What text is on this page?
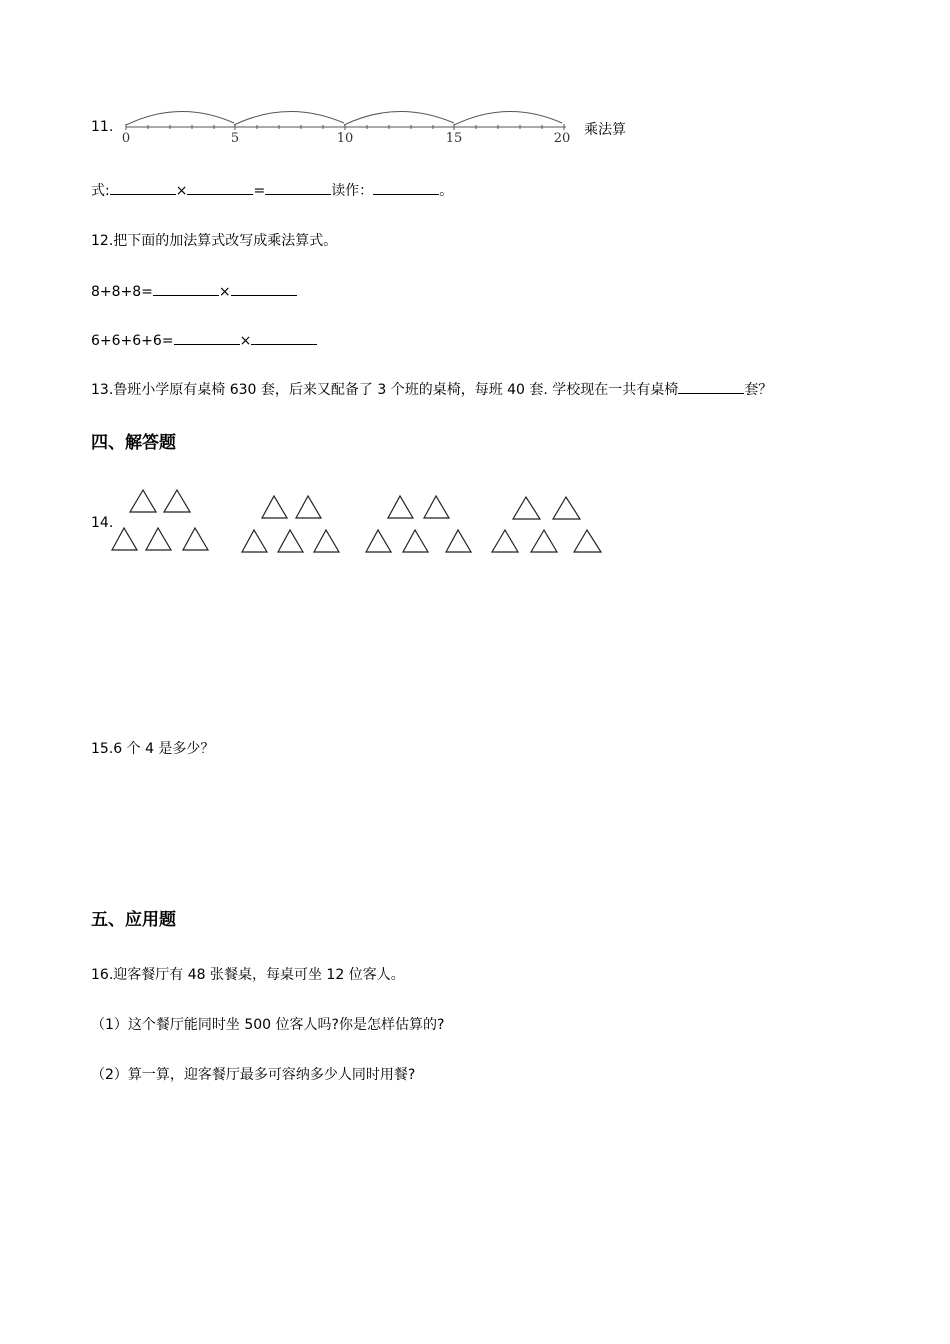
11.
0	5	10	15	20
乘法算
式:	×	=	读作：	。
12.把下面的加法算式改写成乘法算式。
8+8+8=	×
6+6+6+6=	×
13.鲁班小学原有桌椅 630 套，后来又配备了 3 个班的桌椅，每班 40 套. 学校现在一共有桌椅	套？
四、解答题
14.
15.6 个 4 是多少？
五、应用题
16.迎客餐厅有 48 张餐桌，每桌可坐 12 位客人。
（1）这个餐厅能同时坐 500 位客人吗?你是怎样估算的?
（2）算一算，迎客餐厅最多可容纳多少人同时用餐?
